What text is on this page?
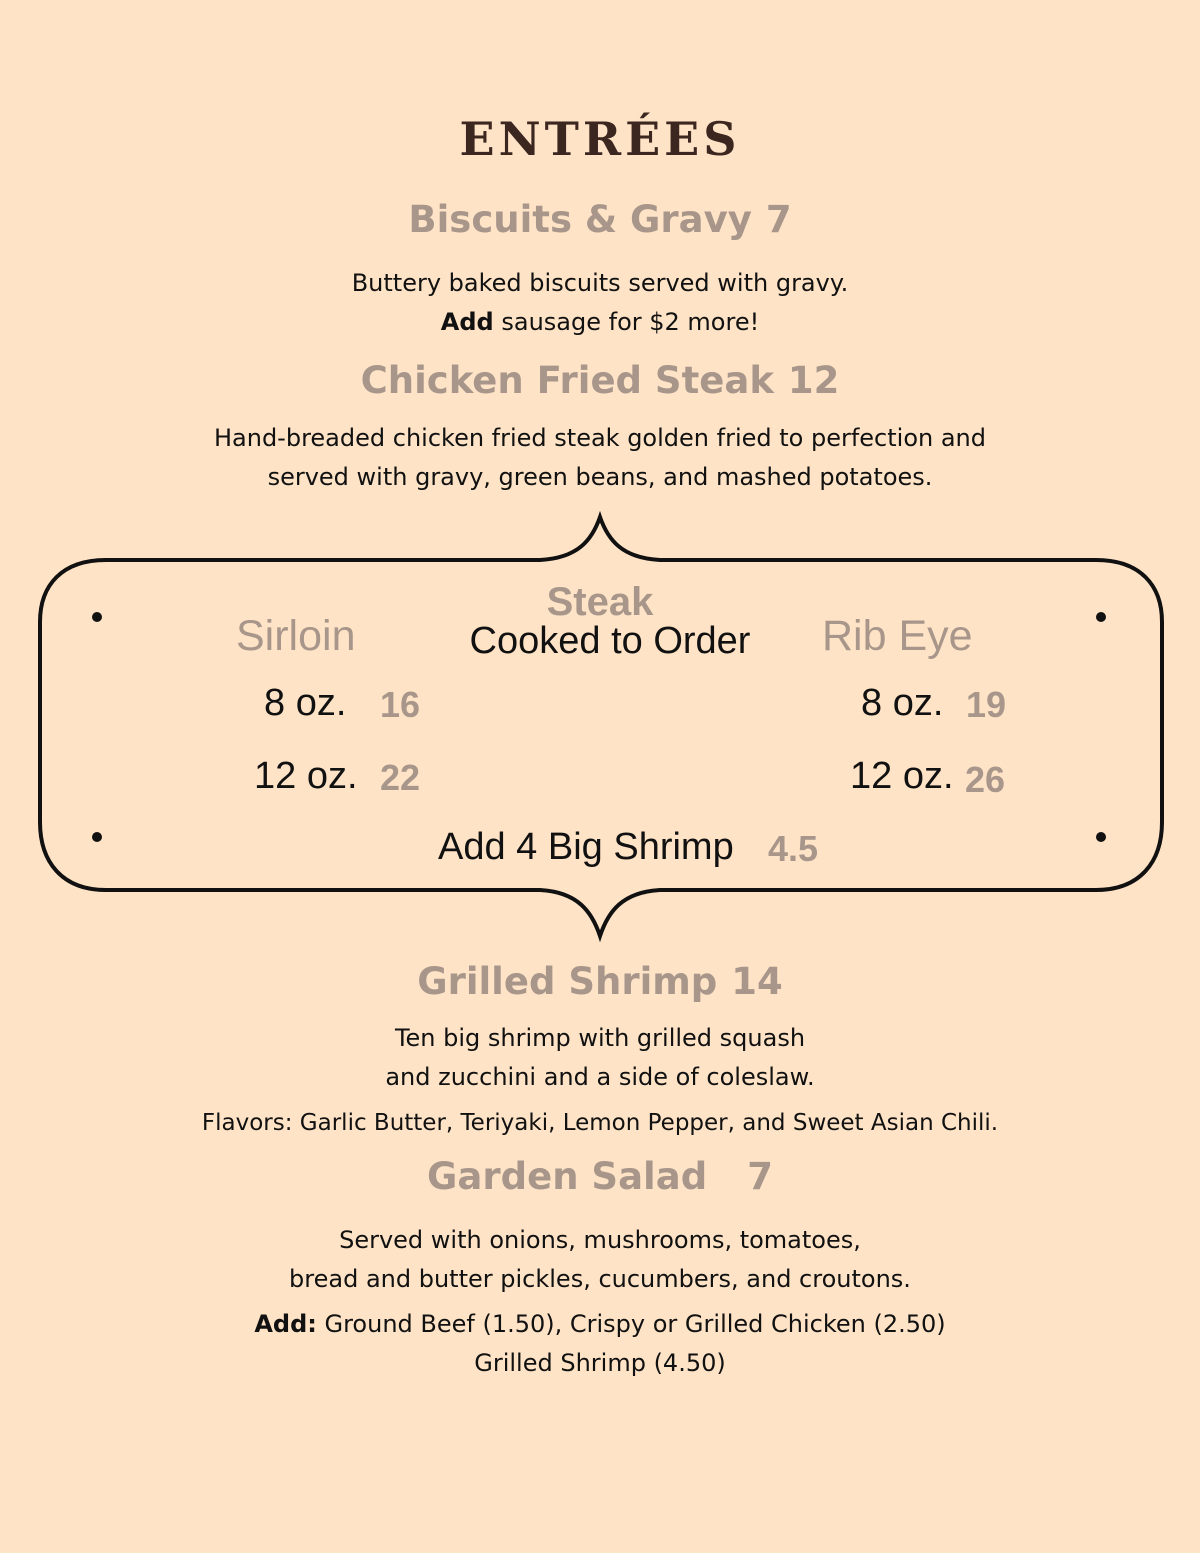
ENTRÉES
Biscuits & Gravy 7
Buttery baked biscuits served with gravy.
Add sausage for $2 more!
Chicken Fried Steak 12
Hand-breaded chicken fried steak golden fried to perfection and
served with gravy, green beans, and mashed potatoes.
Steak
Cooked to Order
Sirloin	Rib Eye
8 oz. 16
12 oz. 22
8 oz. 19
12 oz. 26
Add 4 Big Shrimp 4.5
Grilled Shrimp 14
Ten big shrimp with grilled squash
and zucchini and a side of coleslaw.
Flavors: Garlic Butter, Teriyaki, Lemon Pepper, and Sweet Asian Chili.
Garden Salad 7
Served with onions, mushrooms, tomatoes,
bread and butter pickles, cucumbers, and croutons.
Add: Ground Beef (1.50), Crispy or Grilled Chicken (2.50)
Grilled Shrimp (4.50)
